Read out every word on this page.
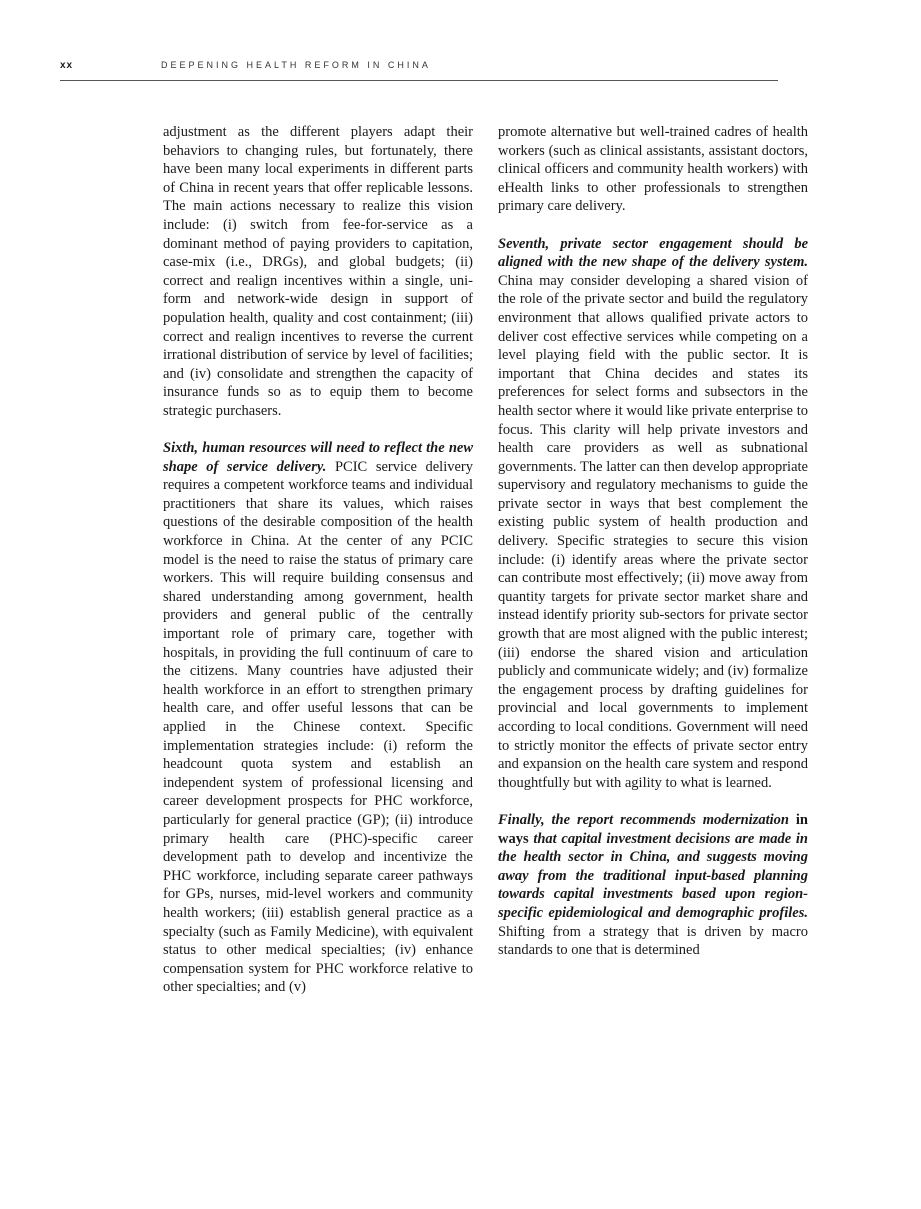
xx	DEEPENING HEALTH REFORM IN CHINA

adjustment as the different players adapt their behaviors to changing rules, but fortunately, there have been many local experiments in different parts of China in recent years that offer replicable lessons. The main actions necessary to realize this vision include: (i) switch from fee-for-service as a dominant method of paying providers to capitation, case-mix (i.e., DRGs), and global budgets; (ii) correct and realign incentives within a single, uniform and network-wide design in support of population health, quality and cost containment; (iii) correct and realign incentives to reverse the current irrational distribution of service by level of facilities; and (iv) consolidate and strengthen the capacity of insurance funds so as to equip them to become strategic purchasers.

Sixth, human resources will need to reflect the new shape of service delivery. PCIC service delivery requires a competent workforce teams and individual practitioners that share its values, which raises questions of the desirable composition of the health workforce in China. At the center of any PCIC model is the need to raise the status of primary care workers. This will require building consensus and shared understanding among government, health providers and general public of the centrally important role of primary care, together with hospitals, in providing the full continuum of care to the citizens. Many countries have adjusted their health workforce in an effort to strengthen primary health care, and offer useful lessons that can be applied in the Chinese context. Specific implementation strategies include: (i) reform the headcount quota system and establish an independent system of professional licensing and career development prospects for PHC workforce, particularly for general practice (GP); (ii) introduce primary health care (PHC)-specific career development path to develop and incentivize the PHC workforce, including separate career pathways for GPs, nurses, mid-level workers and community health workers; (iii) establish general practice as a specialty (such as Family Medicine), with equivalent status to other medical specialties; (iv) enhance compensation system for PHC workforce relative to other specialties; and (v)

promote alternative but well-trained cadres of health workers (such as clinical assistants, assistant doctors, clinical officers and community health workers) with eHealth links to other professionals to strengthen primary care delivery.

Seventh, private sector engagement should be aligned with the new shape of the delivery system. China may consider developing a shared vision of the role of the private sector and build the regulatory environment that allows qualified private actors to deliver cost effective services while competing on a level playing field with the public sector. It is important that China decides and states its preferences for select forms and subsectors in the health sector where it would like private enterprise to focus. This clarity will help private investors and health care providers as well as subnational governments. The latter can then develop appropriate supervisory and regulatory mechanisms to guide the private sector in ways that best complement the existing public system of health production and delivery. Specific strategies to secure this vision include: (i) identify areas where the private sector can contribute most effectively; (ii) move away from quantity targets for private sector market share and instead identify priority sub-sectors for private sector growth that are most aligned with the public interest; (iii) endorse the shared vision and articulation publicly and communicate widely; and (iv) formalize the engagement process by drafting guidelines for provincial and local governments to implement according to local conditions. Government will need to strictly monitor the effects of private sector entry and expansion on the health care system and respond thoughtfully but with agility to what is learned.

Finally, the report recommends modernization in ways that capital investment decisions are made in the health sector in China, and suggests moving away from the traditional input-based planning towards capital investments based upon region-specific epidemiological and demographic profiles. Shifting from a strategy that is driven by macro standards to one that is determined
